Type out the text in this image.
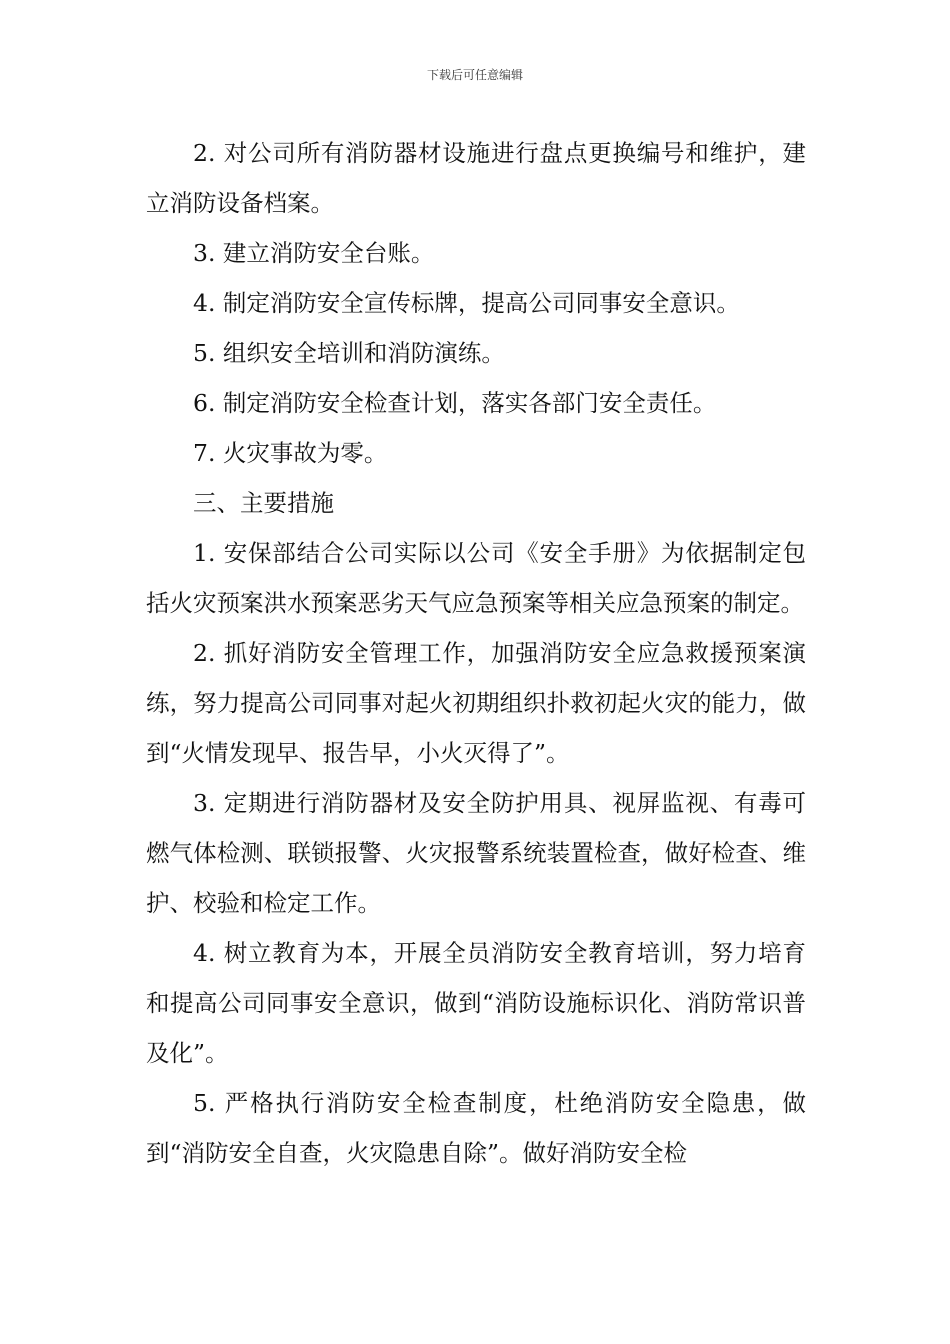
下载后可任意编辑

2. 对公司所有消防器材设施进行盘点更换编号和维护，建立消防设备档案。

3. 建立消防安全台账。

4. 制定消防安全宣传标牌，提高公司同事安全意识。

5. 组织安全培训和消防演练。

6. 制定消防安全检查计划，落实各部门安全责任。

7. 火灾事故为零。

三、主要措施

1. 安保部结合公司实际以公司《安全手册》为依据制定包括火灾预案洪水预案恶劣天气应急预案等相关应急预案的制定。

2. 抓好消防安全管理工作，加强消防安全应急救援预案演练，努力提高公司同事对起火初期组织扑救初起火灾的能力，做到“火情发现早、报告早，小火灭得了”。

3. 定期进行消防器材及安全防护用具、视屏监视、有毒可燃气体检测、联锁报警、火灾报警系统装置检查，做好检查、维护、校验和检定工作。

4. 树立教育为本，开展全员消防安全教育培训，努力培育和提高公司同事安全意识，做到“消防设施标识化、消防常识普及化”。

5. 严格执行消防安全检查制度，杜绝消防安全隐患，做到“消防安全自查，火灾隐患自除”。做好消防安全检
